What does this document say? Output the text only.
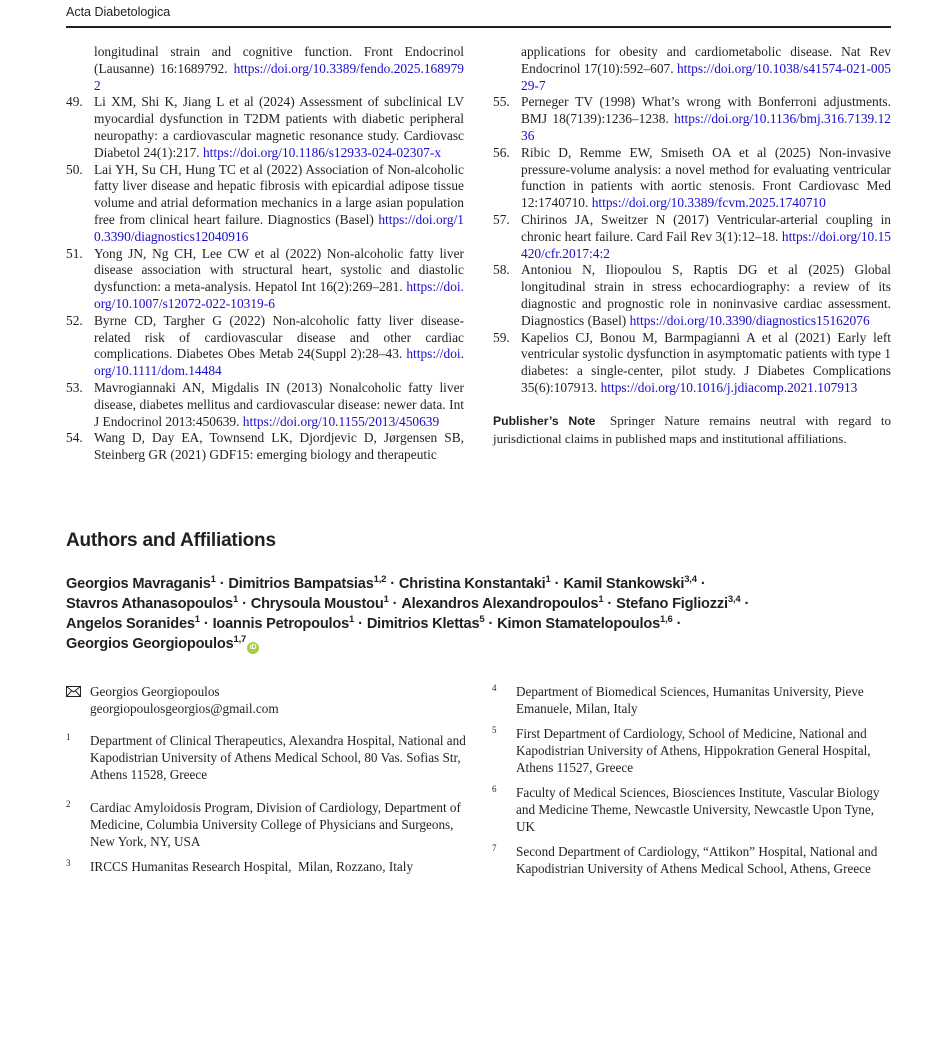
Acta Diabetologica
longitudinal strain and cognitive function. Front Endocrinol (Lausanne) 16:1689792. https://doi.org/10.3389/fendo.2025.1689792
49. Li XM, Shi K, Jiang L et al (2024) Assessment of subclinical LV myocardial dysfunction in T2DM patients with diabetic peripheral neuropathy: a cardiovascular magnetic resonance study. Cardiovasc Diabetol 24(1):217. https://doi.org/10.1186/s12933-024-02307-x
50. Lai YH, Su CH, Hung TC et al (2022) Association of Non-alcoholic fatty liver disease and hepatic fibrosis with epicardial adipose tissue volume and atrial deformation mechanics in a large asian population free from clinical heart failure. Diagnostics (Basel) https://doi.org/10.3390/diagnostics12040916
51. Yong JN, Ng CH, Lee CW et al (2022) Non-alcoholic fatty liver disease association with structural heart, systolic and diastolic dysfunction: a meta-analysis. Hepatol Int 16(2):269–281. https://doi.org/10.1007/s12072-022-10319-6
52. Byrne CD, Targher G (2022) Non-alcoholic fatty liver disease-related risk of cardiovascular disease and other cardiac complications. Diabetes Obes Metab 24(Suppl 2):28–43. https://doi.org/10.1111/dom.14484
53. Mavrogiannaki AN, Migdalis IN (2013) Nonalcoholic fatty liver disease, diabetes mellitus and cardiovascular disease: newer data. Int J Endocrinol 2013:450639. https://doi.org/10.1155/2013/450639
54. Wang D, Day EA, Townsend LK, Djordjevic D, Jørgensen SB, Steinberg GR (2021) GDF15: emerging biology and therapeutic
applications for obesity and cardiometabolic disease. Nat Rev Endocrinol 17(10):592–607. https://doi.org/10.1038/s41574-021-00529-7
55. Perneger TV (1998) What’s wrong with Bonferroni adjustments. BMJ 18(7139):1236–1238. https://doi.org/10.1136/bmj.316.7139.1236
56. Ribic D, Remme EW, Smiseth OA et al (2025) Non-invasive pressure-volume analysis: a novel method for evaluating ventricular function in patients with aortic stenosis. Front Cardiovasc Med 12:1740710. https://doi.org/10.3389/fcvm.2025.1740710
57. Chirinos JA, Sweitzer N (2017) Ventricular-arterial coupling in chronic heart failure. Card Fail Rev 3(1):12–18. https://doi.org/10.15420/cfr.2017:4:2
58. Antoniou N, Iliopoulou S, Raptis DG et al (2025) Global longitudinal strain in stress echocardiography: a review of its diagnostic and prognostic role in noninvasive cardiac assessment. Diagnostics (Basel) https://doi.org/10.3390/diagnostics15162076
59. Kapelios CJ, Bonou M, Barmpagianni A et al (2021) Early left ventricular systolic dysfunction in asymptomatic patients with type 1 diabetes: a single-center, pilot study. J Diabetes Complications 35(6):107913. https://doi.org/10.1016/j.jdiacomp.2021.107913
Publisher’s Note Springer Nature remains neutral with regard to jurisdictional claims in published maps and institutional affiliations.
Authors and Affiliations
Georgios Mavraganis$^1$ · Dimitrios Bampatsias$^{1,2}$ · Christina Konstantaki$^1$ · Kamil Stankowski$^{3,4}$ ·
Stavros Athanasopoulos$^1$ · Chrysoula Moustou$^1$ · Alexandros Alexandropoulos$^1$ · Stefano Figliozzi$^{3,4}$ ·
Angelos Soranides$^1$ · Ioannis Petropoulos$^1$ · Dimitrios Klettas$^5$ · Kimon Stamatelopoulos$^{1,6}$ ·
Georgios Georgiopoulos$^{1,7}$iD
Georgios Georgiopoulos
georgiopoulosgeorgios@gmail.com
1 Department of Clinical Therapeutics, Alexandra Hospital, National and Kapodistrian University of Athens Medical School, 80 Vas. Sofias Str, Athens 11528, Greece
2 Cardiac Amyloidosis Program, Division of Cardiology, Department of Medicine, Columbia University College of Physicians and Surgeons, New York, NY, USA
3 IRCCS Humanitas Research Hospital,  Milan, Rozzano, Italy
4 Department of Biomedical Sciences, Humanitas University, Pieve Emanuele, Milan, Italy
5 First Department of Cardiology, School of Medicine, National and Kapodistrian University of Athens, Hippokration General Hospital, Athens 11527, Greece
6 Faculty of Medical Sciences, Biosciences Institute, Vascular Biology and Medicine Theme, Newcastle University, Newcastle Upon Tyne, UK
7 Second Department of Cardiology, “Attikon” Hospital, National and Kapodistrian University of Athens Medical School, Athens, Greece
